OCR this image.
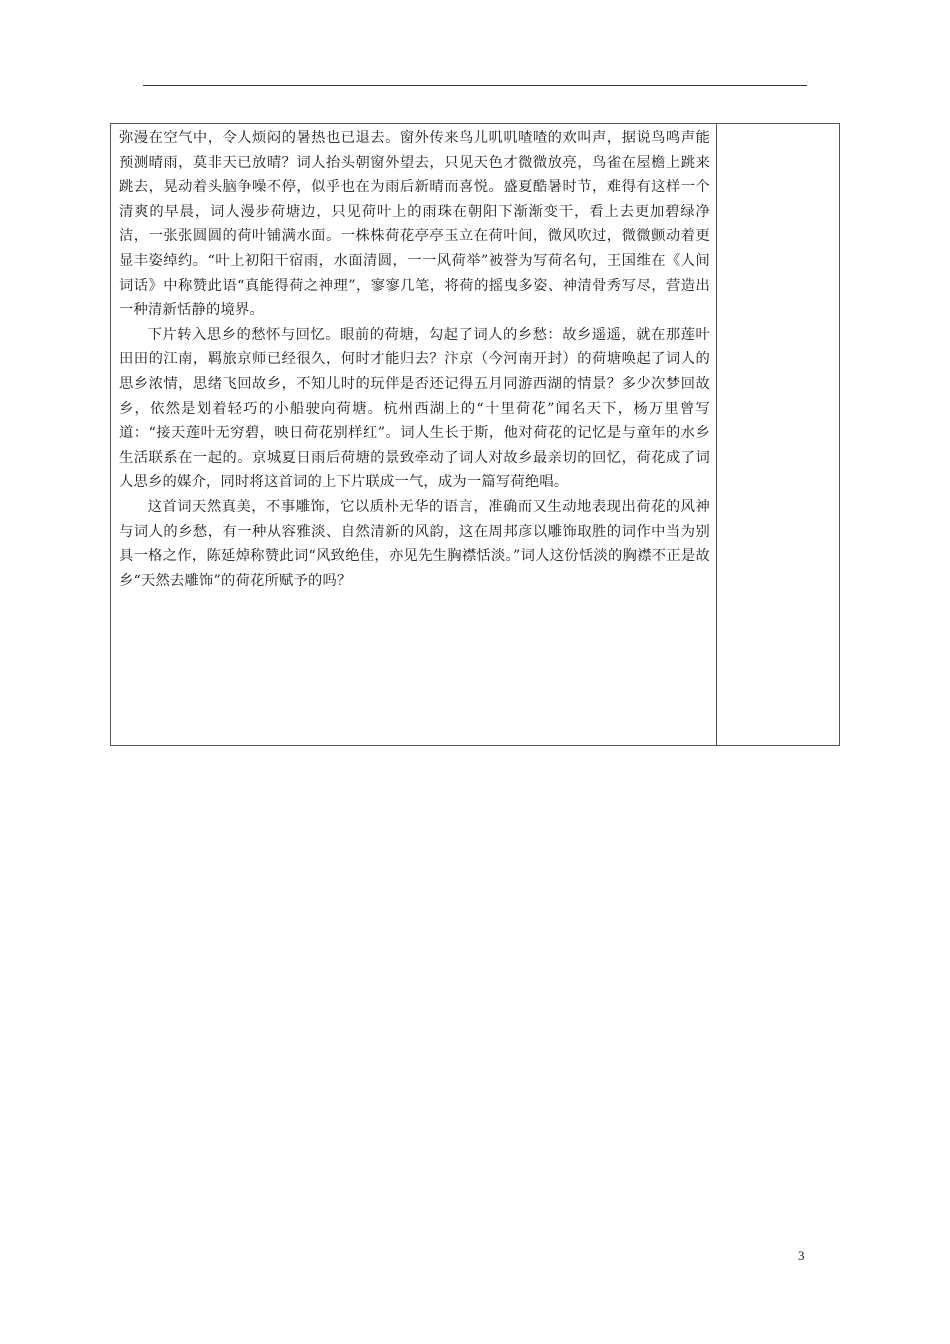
弥漫在空气中，令人烦闷的暑热也已退去。窗外传来鸟儿叽叽喳喳的欢叫声，据说鸟鸣声能预测晴雨，莫非天已放晴？词人抬头朝窗外望去，只见天色才微微放亮，鸟雀在屋檐上跳来跳去，晃动着头脑争噪不停，似乎也在为雨后新晴而喜悦。盛夏酷暑时节，难得有这样一个清爽的早晨，词人漫步荷塘边，只见荷叶上的雨珠在朝阳下渐渐变干，看上去更加碧绿净洁，一张张圆圆的荷叶铺满水面。一株株荷花亭亭玉立在荷叶间，微风吹过，微微颤动着更显丰姿绰约。“叶上初阳干宿雨，水面清圆，一一风荷举”被誉为写荷名句，王国维在《人间词话》中称赞此语“真能得荷之神理”，寥寥几笔，将荷的摇曳多姿、神清骨秀写尽，营造出一种清新恬静的境界。

下片转入思乡的愁怀与回忆。眼前的荷塘，勾起了词人的乡愁：故乡遥遥，就在那莲叶田田的江南，羁旅京师已经很久，何时才能归去？汴京（今河南开封）的荷塘唤起了词人的思乡浓情，思绪飞回故乡，不知儿时的玩伴是否还记得五月同游西湖的情景？多少次梦回故乡，依然是划着轻巧的小船驶向荷塘。杭州西湖上的“十里荷花”闻名天下，杨万里曾写道：“接天莲叶无穷碧，映日荷花别样红”。词人生长于斯，他对荷花的记忆是与童年的水乡生活联系在一起的。京城夏日雨后荷塘的景致牵动了词人对故乡最亲切的回忆，荷花成了词人思乡的媒介，同时将这首词的上下片联成一气，成为一篇写荷绝唱。

这首词天然真美，不事雕饰，它以质朴无华的语言，准确而又生动地表现出荷花的风神与词人的乡愁，有一种从容雅淡、自然清新的风韵，这在周邦彦以雕饰取胜的词作中当为别具一格之作，陈延焯称赞此词“风致绝佳，亦见先生胸襟恬淡。”词人这份恬淡的胸襟不正是故乡“天然去雕饰”的荷花所赋予的吗？

3
